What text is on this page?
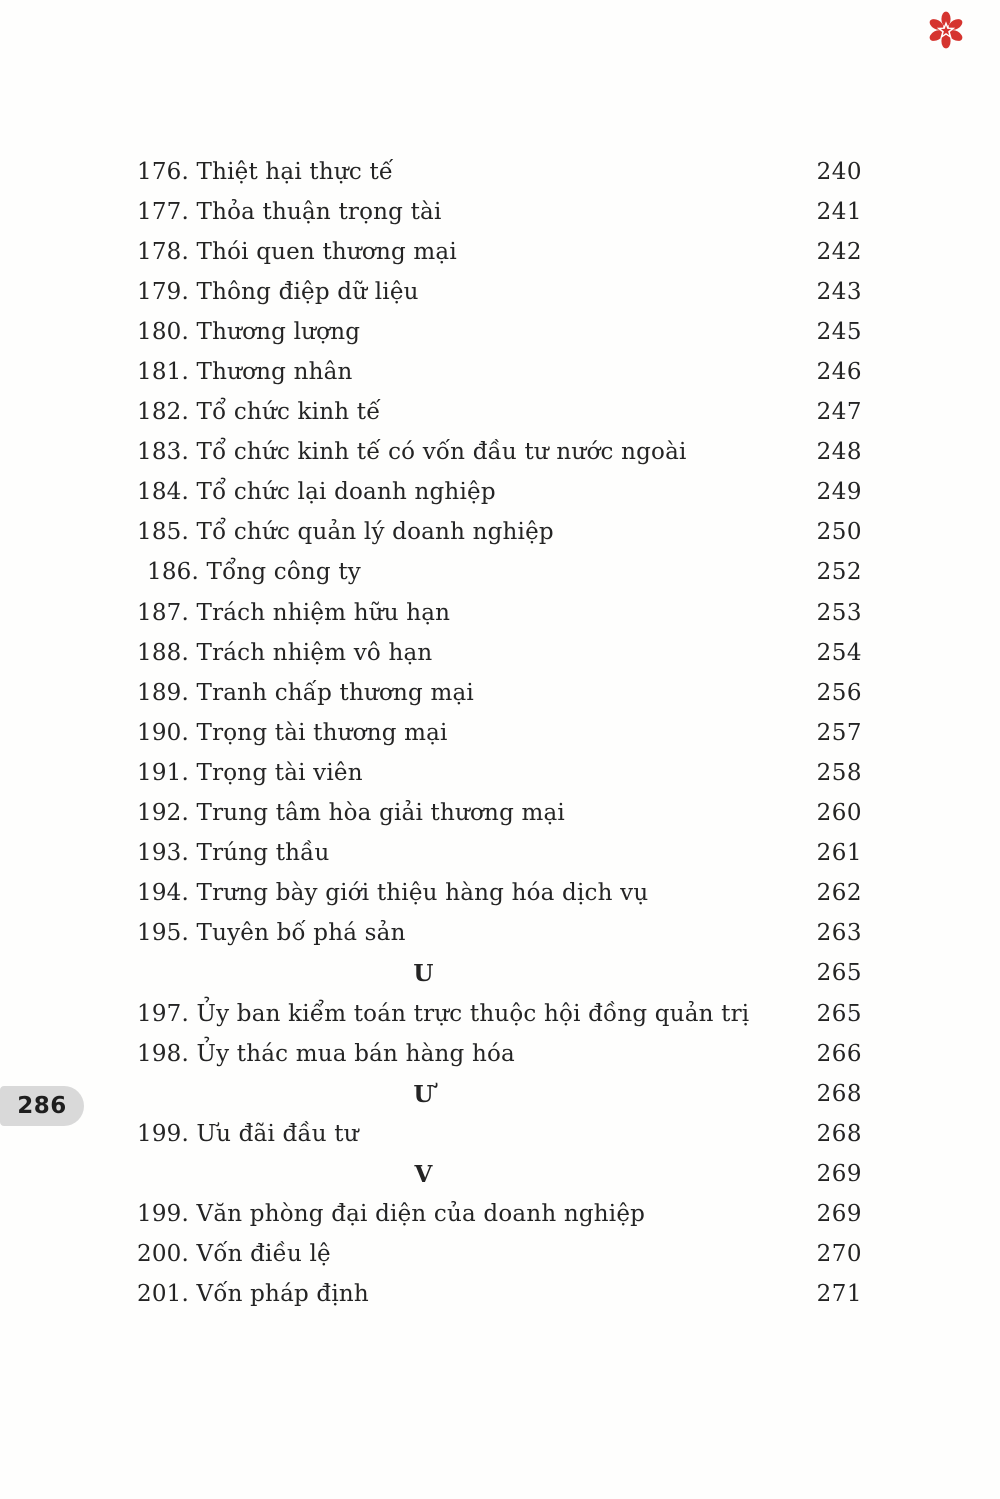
286
176. Thiệt hại thực tế	240
177. Thỏa thuận trọng tài	241
178. Thói quen thương mại	242
179. Thông điệp dữ liệu	243
180. Thương lượng	245
181. Thương nhân	246
182. Tổ chức kinh tế	247
183. Tổ chức kinh tế có vốn đầu tư nước ngoài	248
184. Tổ chức lại doanh nghiệp	249
185. Tổ chức quản lý doanh nghiệp	250
186. Tổng công ty	252
187. Trách nhiệm hữu hạn	253
188. Trách nhiệm vô hạn	254
189. Tranh chấp thương mại	256
190. Trọng tài thương mại	257
191. Trọng tài viên	258
192. Trung tâm hòa giải thương mại	260
193. Trúng thầu	261
194. Trưng bày giới thiệu hàng hóa dịch vụ	262
195. Tuyên bố phá sản	263
U	265
197. Ủy ban kiểm toán trực thuộc hội đồng quản trị	265
198. Ủy thác mua bán hàng hóa	266
Ư	268
199. Ưu đãi đầu tư	268
V	269
199. Văn phòng đại diện của doanh nghiệp	269
200. Vốn điều lệ	270
201. Vốn pháp định	271
